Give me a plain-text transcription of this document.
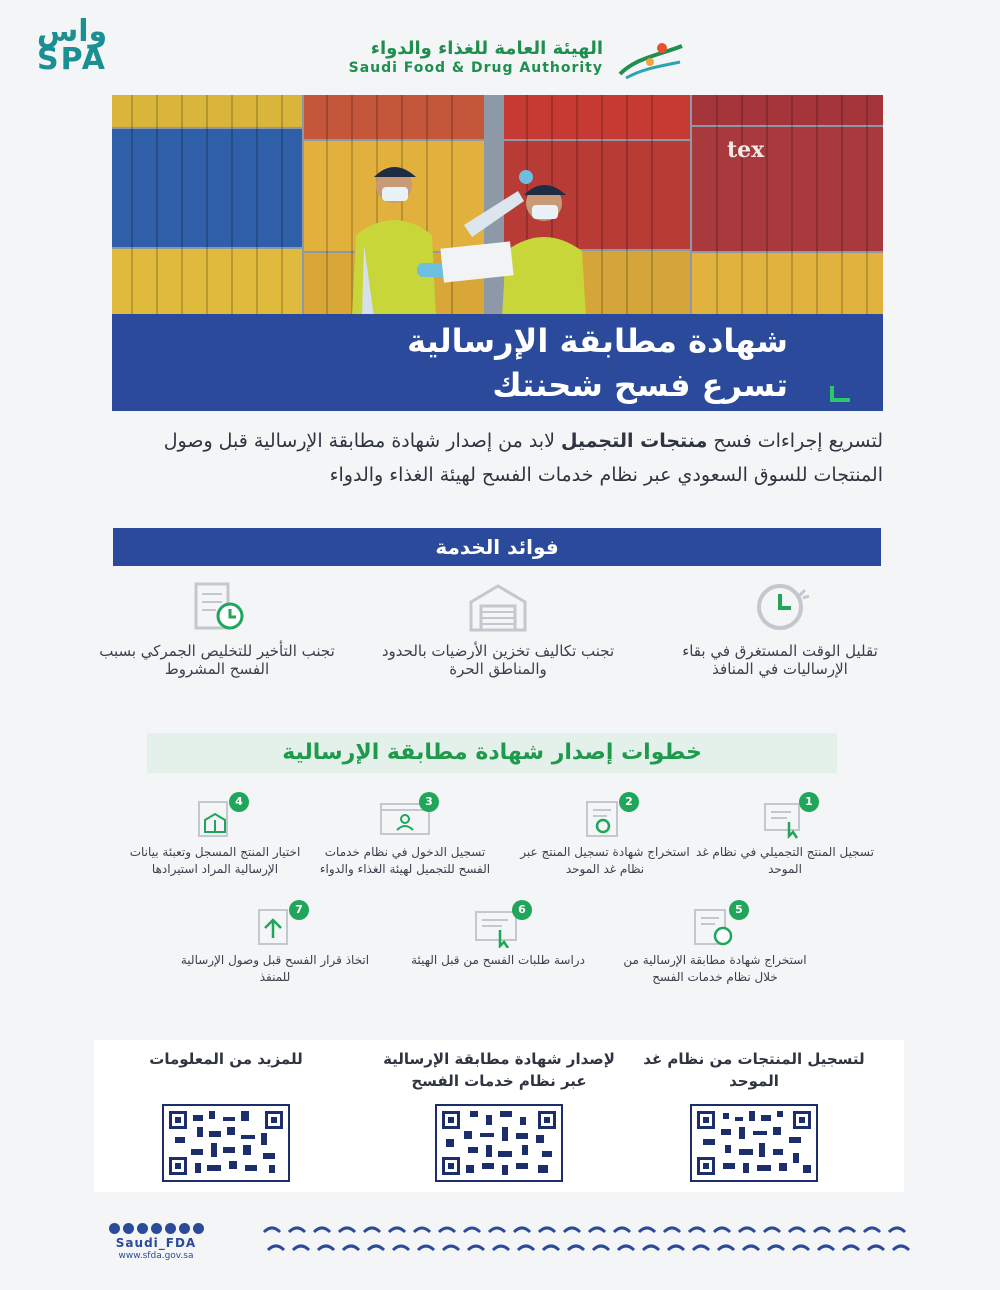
واس
SPA	الهيئة العامة للغذاء والدواء
Saudi Food & Drug Authority
tex
شهادة مطابقة الإرسالية
تسرع فسح شحنتك
لتسريع إجراءات فسح منتجات التجميل لابد من إصدار شهادة مطابقة الإرسالية قبل وصول المنتجات للسوق السعودي عبر نظام خدمات الفسح لهيئة الغذاء والدواء
فوائد الخدمة
تقليل الوقت المستغرق في بقاء الإرساليات في المنافذ
تجنب تكاليف تخزين الأرضيات بالحدود والمناطق الحرة
تجنب التأخير للتخليص الجمركي بسبب الفسح المشروط
خطوات إصدار شهادة مطابقة الإرسالية
1
تسجيل المنتج التجميلي في نظام غد الموحد
2
استخراج شهادة تسجيل المنتج عبر نظام غد الموحد
3
تسجيل الدخول في نظام خدمات الفسح للتجميل لهيئة الغذاء والدواء
4
اختيار المنتج المسجل وتعبئة بيانات الإرسالية المراد استيرادها
5
استخراج شهادة مطابقة الإرسالية من خلال نظام خدمات الفسح
6
دراسة طلبات الفسح من قبل الهيئة
7
اتخاذ قرار الفسح قبل وصول الإرسالية للمنفذ
لتسجيل المنتجات من نظام غد الموحد
لإصدار شهادة مطابقة الإرسالية عبر نظام خدمات الفسح
للمزيد من المعلومات
Saudi_FDA
www.sfda.gov.sa
